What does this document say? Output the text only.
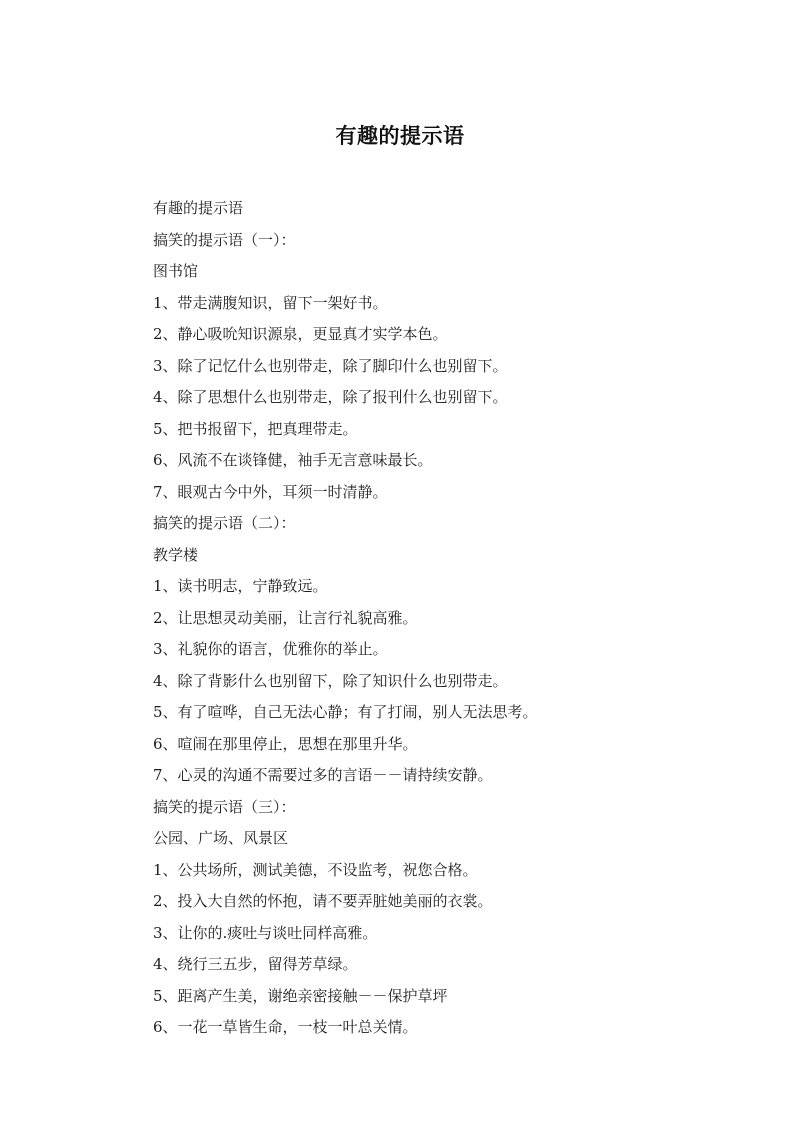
有趣的提示语
有趣的提示语
搞笑的提示语（一）：
图书馆
1、带走满腹知识，留下一架好书。
2、静心吸吮知识源泉，更显真才实学本色。
3、除了记忆什么也别带走，除了脚印什么也别留下。
4、除了思想什么也别带走，除了报刊什么也别留下。
5、把书报留下，把真理带走。
6、风流不在谈锋健，袖手无言意味最长。
7、眼观古今中外，耳须一时清静。
搞笑的提示语（二）：
教学楼
1、读书明志，宁静致远。
2、让思想灵动美丽，让言行礼貌高雅。
3、礼貌你的语言，优雅你的举止。
4、除了背影什么也别留下，除了知识什么也别带走。
5、有了喧哗，自己无法心静；有了打闹，别人无法思考。
6、喧闹在那里停止，思想在那里升华。
7、心灵的沟通不需要过多的言语－－请持续安静。
搞笑的提示语（三）：
公园、广场、风景区
1、公共场所，测试美德，不设监考，祝您合格。
2、投入大自然的怀抱，请不要弄脏她美丽的衣裳。
3、让你的.痰吐与谈吐同样高雅。
4、绕行三五步，留得芳草绿。
5、距离产生美，谢绝亲密接触－－保护草坪
6、一花一草皆生命，一枝一叶总关情。
